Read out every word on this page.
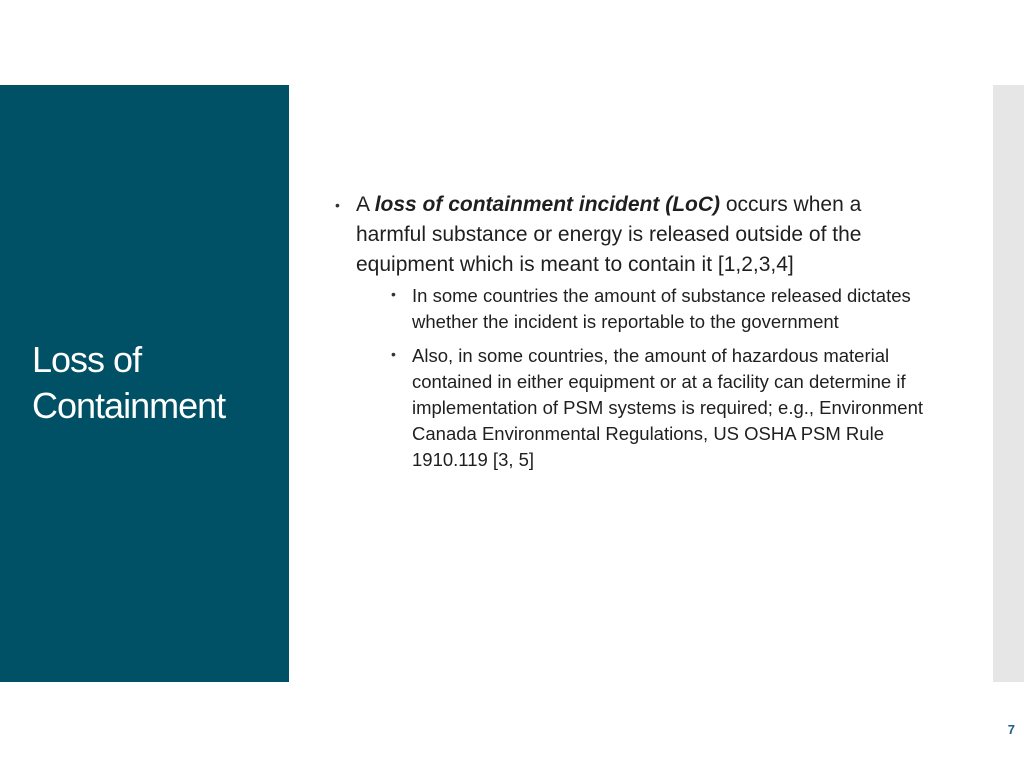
Loss of Containment
• A loss of containment incident (LoC) occurs when a harmful substance or energy is released outside of the equipment which is meant to contain it [1,2,3,4]
• In some countries the amount of substance released dictates whether the incident is reportable to the government
• Also, in some countries, the amount of hazardous material contained in either equipment or at a facility can determine if implementation of PSM systems is required; e.g., Environment Canada Environmental Regulations, US OSHA PSM Rule 1910.119 [3, 5]
7
